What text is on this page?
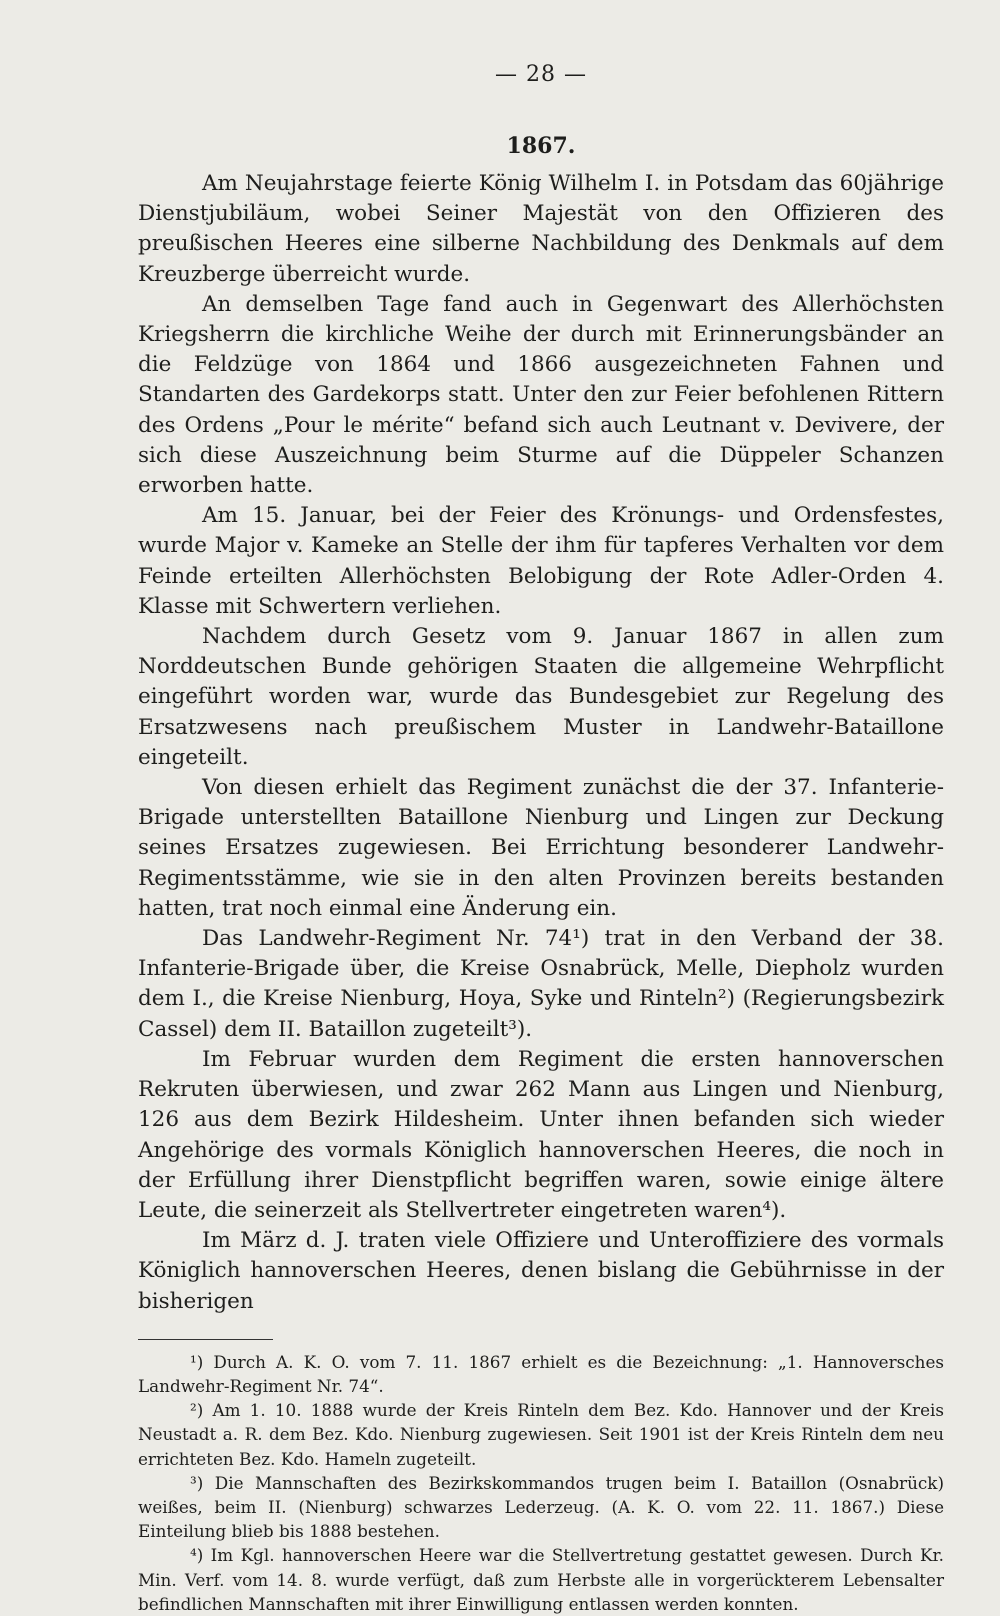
— 28 —
1867.

Am Neujahrstage feierte König Wilhelm I. in Potsdam das 60jährige Dienstjubiläum, wobei Seiner Majestät von den Offizieren des preußischen Heeres eine silberne Nachbildung des Denkmals auf dem Kreuzberge überreicht wurde.

An demselben Tage fand auch in Gegenwart des Allerhöchsten Kriegsherrn die kirchliche Weihe der durch mit Erinnerungsbänder an die Feldzüge von 1864 und 1866 ausgezeichneten Fahnen und Standarten des Gardekorps statt. Unter den zur Feier befohlenen Rittern des Ordens „Pour le mérite“ befand sich auch Leutnant v. Devivere, der sich diese Auszeichnung beim Sturme auf die Düppeler Schanzen erworben hatte.

Am 15. Januar, bei der Feier des Krönungs- und Ordensfestes, wurde Major v. Kameke an Stelle der ihm für tapferes Verhalten vor dem Feinde erteilten Allerhöchsten Belobigung der Rote Adler-Orden 4. Klasse mit Schwertern verliehen.

Nachdem durch Gesetz vom 9. Januar 1867 in allen zum Norddeutschen Bunde gehörigen Staaten die allgemeine Wehrpflicht eingeführt worden war, wurde das Bundesgebiet zur Regelung des Ersatzwesens nach preußischem Muster in Landwehr-Bataillone eingeteilt.

Von diesen erhielt das Regiment zunächst die der 37. Infanterie-Brigade unterstellten Bataillone Nienburg und Lingen zur Deckung seines Ersatzes zugewiesen. Bei Errichtung besonderer Landwehr-Regimentsstämme, wie sie in den alten Provinzen bereits bestanden hatten, trat noch einmal eine Änderung ein.

Das Landwehr-Regiment Nr. 74¹) trat in den Verband der 38. Infanterie-Brigade über, die Kreise Osnabrück, Melle, Diepholz wurden dem I., die Kreise Nienburg, Hoya, Syke und Rinteln²) (Regierungsbezirk Cassel) dem II. Bataillon zugeteilt³).

Im Februar wurden dem Regiment die ersten hannoverschen Rekruten überwiesen, und zwar 262 Mann aus Lingen und Nienburg, 126 aus dem Bezirk Hildesheim. Unter ihnen befanden sich wieder Angehörige des vormals Königlich hannoverschen Heeres, die noch in der Erfüllung ihrer Dienstpflicht begriffen waren, sowie einige ältere Leute, die seinerzeit als Stellvertreter eingetreten waren⁴).

Im März d. J. traten viele Offiziere und Unteroffiziere des vormals Königlich hannoverschen Heeres, denen bislang die Gebührnisse in der bisherigen

¹) Durch A. K. O. vom 7. 11. 1867 erhielt es die Bezeichnung: „1. Hannoversches Landwehr-Regiment Nr. 74“.

²) Am 1. 10. 1888 wurde der Kreis Rinteln dem Bez. Kdo. Hannover und der Kreis Neustadt a. R. dem Bez. Kdo. Nienburg zugewiesen. Seit 1901 ist der Kreis Rinteln dem neu errichteten Bez. Kdo. Hameln zugeteilt.

³) Die Mannschaften des Bezirkskommandos trugen beim I. Bataillon (Osnabrück) weißes, beim II. (Nienburg) schwarzes Lederzeug. (A. K. O. vom 22. 11. 1867.) Diese Einteilung blieb bis 1888 bestehen.

⁴) Im Kgl. hannoverschen Heere war die Stellvertretung gestattet gewesen. Durch Kr. Min. Verf. vom 14. 8. wurde verfügt, daß zum Herbste alle in vorgerückterem Lebensalter befindlichen Mannschaften mit ihrer Einwilligung entlassen werden konnten.
